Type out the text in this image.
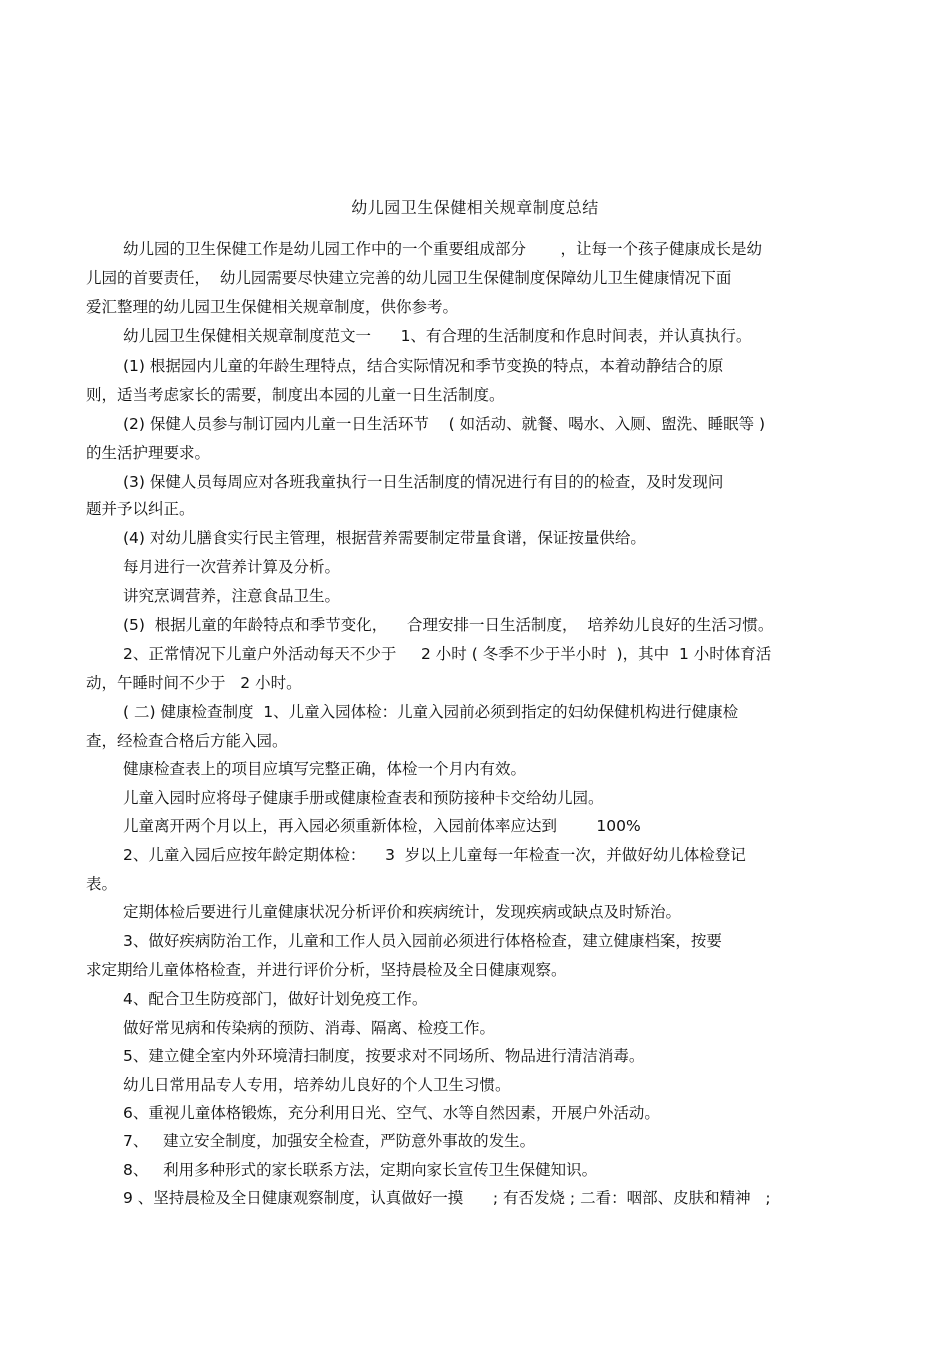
幼儿园卫生保健相关规章制度总结
幼儿园的卫生保健工作是幼儿园工作中的一个重要组成部分       ，让每一个孩子健康成长是幼
儿园的首要责任，  幼儿园需要尽快建立完善的幼儿园卫生保健制度保障幼儿卫生健康情况下面
爱汇整理的幼儿园卫生保健相关规章制度，供你参考。
幼儿园卫生保健相关规章制度范文一      1、有合理的生活制度和作息时间表，并认真执行。
(1) 根据园内儿童的年龄生理特点，结合实际情况和季节变换的特点，本着动静结合的原
则，适当考虑家长的需要，制度出本园的儿童一日生活制度。
(2) 保健人员参与制订园内儿童一日生活环节    ( 如活动、就餐、喝水、入厕、盥洗、睡眠等 )
的生活护理要求。
(3) 保健人员每周应对各班我童执行一日生活制度的情况进行有目的的检查，及时发现问
题并予以纠正。
(4) 对幼儿膳食实行民主管理，根据营养需要制定带量食谱，保证按量供给。
每月进行一次营养计算及分析。
讲究烹调营养，注意食品卫生。
(5)  根据儿童的年龄特点和季节变化，    合理安排一日生活制度，  培养幼儿良好的生活习惯。
2、正常情况下儿童户外活动每天不少于     2 小时 ( 冬季不少于半小时  )，其中  1 小时体育活
动，午睡时间不少于   2 小时。
( 二) 健康检查制度  1、儿童入园体检：儿童入园前必须到指定的妇幼保健机构进行健康检
查，经检查合格后方能入园。
健康检查表上的项目应填写完整正确，体检一个月内有效。
儿童入园时应将母子健康手册或健康检查表和预防接种卡交给幼儿园。
儿童离开两个月以上，再入园必须重新体检，入园前体率应达到        100%
2、儿童入园后应按年龄定期体检：    3  岁以上儿童每一年检查一次，并做好幼儿体检登记
表。
定期体检后要进行儿童健康状况分析评价和疾病统计，发现疾病或缺点及时矫治。
3、做好疾病防治工作，儿童和工作人员入园前必须进行体格检查，建立健康档案，按要
求定期给儿童体格检查，并进行评价分析，坚持晨检及全日健康观察。
4、配合卫生防疫部门，做好计划免疫工作。
做好常见病和传染病的预防、消毒、隔离、检疫工作。
5、建立健全室内外环境清扫制度，按要求对不同场所、物品进行清洁消毒。
幼儿日常用品专人专用，培养幼儿良好的个人卫生习惯。
6、重视儿童体格锻炼，充分利用日光、空气、水等自然因素，开展户外活动。
7、   建立安全制度，加强安全检查，严防意外事故的发生。
8、   利用多种形式的家长联系方法，定期向家长宣传卫生保健知识。
9 、坚持晨检及全日健康观察制度，认真做好一摸      ; 有否发烧 ; 二看：咽部、皮肤和精神   ;
